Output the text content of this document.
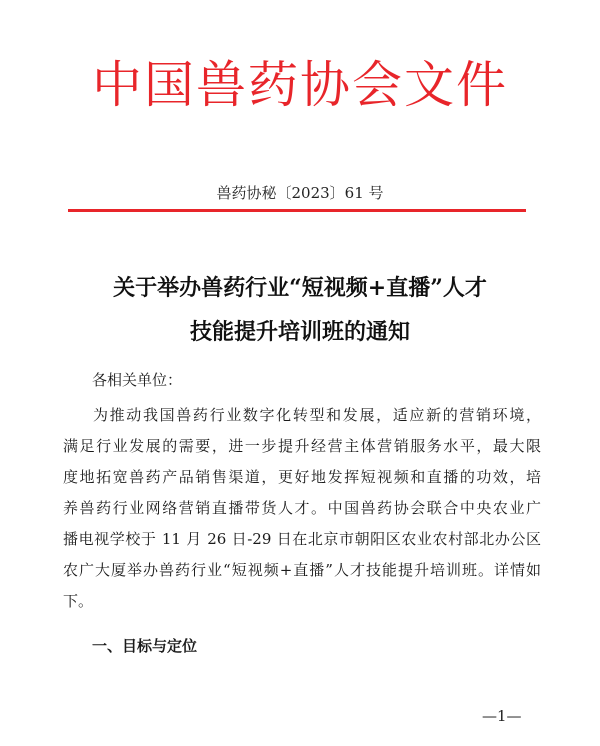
中国兽药协会文件
兽药协秘〔2023〕61 号
关于举办兽药行业“短视频+直播”人才
技能提升培训班的通知
各相关单位：
为推动我国兽药行业数字化转型和发展，适应新的营销环境，
满足行业发展的需要，进一步提升经营主体营销服务水平，最大限
度地拓宽兽药产品销售渠道，更好地发挥短视频和直播的功效，培
养兽药行业网络营销直播带货人才。中国兽药协会联合中央农业广
播电视学校于 11 月 26 日-29 日在北京市朝阳区农业农村部北办公区
农广大厦举办兽药行业“短视频+直播”人才技能提升培训班。详情如
下。
一、目标与定位
—1—
